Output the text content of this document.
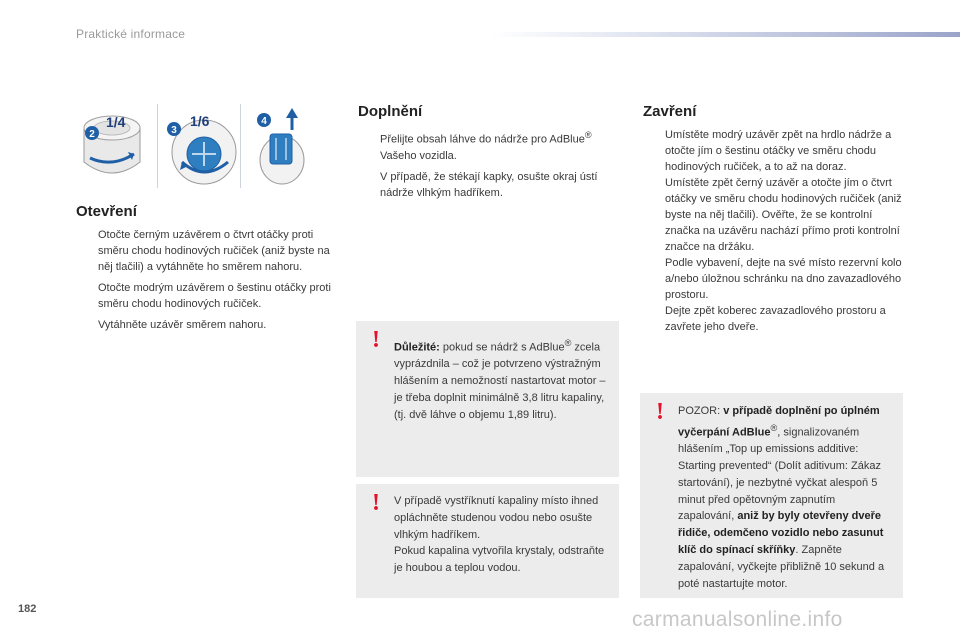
Praktické informace
2
1/4
3
1/6	4
Otevření
Otočte černým uzávěrem o čtvrt otáčky proti směru chodu hodinových ručiček (aniž byste na něj tlačili) a vytáhněte ho směrem nahoru.
Otočte modrým uzávěrem o šestinu otáčky proti směru chodu hodinových ručiček.
Vytáhněte uzávěr směrem nahoru.
Doplnění
Přelijte obsah láhve do nádrže pro AdBlue® Vašeho vozidla.
V případě, že stékají kapky, osušte okraj ústí nádrže vlhkým hadříkem.
! Důležité: pokud se nádrž s AdBlue® zcela vyprázdnila – což je potvrzeno výstražným hlášením a nemožností nastartovat motor – je třeba doplnit minimálně 3,8 litru kapaliny,
(tj. dvě láhve o objemu 1,89 litru).
! V případě vystříknutí kapaliny místo ihned opláchněte studenou vodou nebo osušte vlhkým hadříkem.
Pokud kapalina vytvořila krystaly, odstraňte je houbou a teplou vodou.
Zavření
Umístěte modrý uzávěr zpět na hrdlo nádrže a otočte jím o šestinu otáčky ve směru chodu hodinových ručiček, a to až na doraz.
Umístěte zpět černý uzávěr a otočte jím o čtvrt otáčky ve směru chodu hodinových ručiček (aniž byste na něj tlačili). Ověřte, že se kontrolní značka na uzávěru nachází přímo proti kontrolní značce na držáku.
Podle vybavení, dejte na své místo rezervní kolo a/nebo úložnou schránku na dno zavazadlového prostoru.
Dejte zpět koberec zavazadlového prostoru a zavřete jeho dveře.
! POZOR: v případě doplnění po úplném vyčerpání AdBlue®, signalizovaném hlášením „Top up emissions additive: Starting prevented“ (Dolít aditivum: Zákaz startování), je nezbytné vyčkat alespoň 5 minut před opětovným zapnutím zapalování, aniž by byly otevřeny dveře řidiče, odemčeno vozidlo nebo zasunut klíč do spínací skříňky. Zapněte zapalování, vyčkejte přibližně 10 sekund a poté nastartujte motor.
182	carmanualsonline.info
